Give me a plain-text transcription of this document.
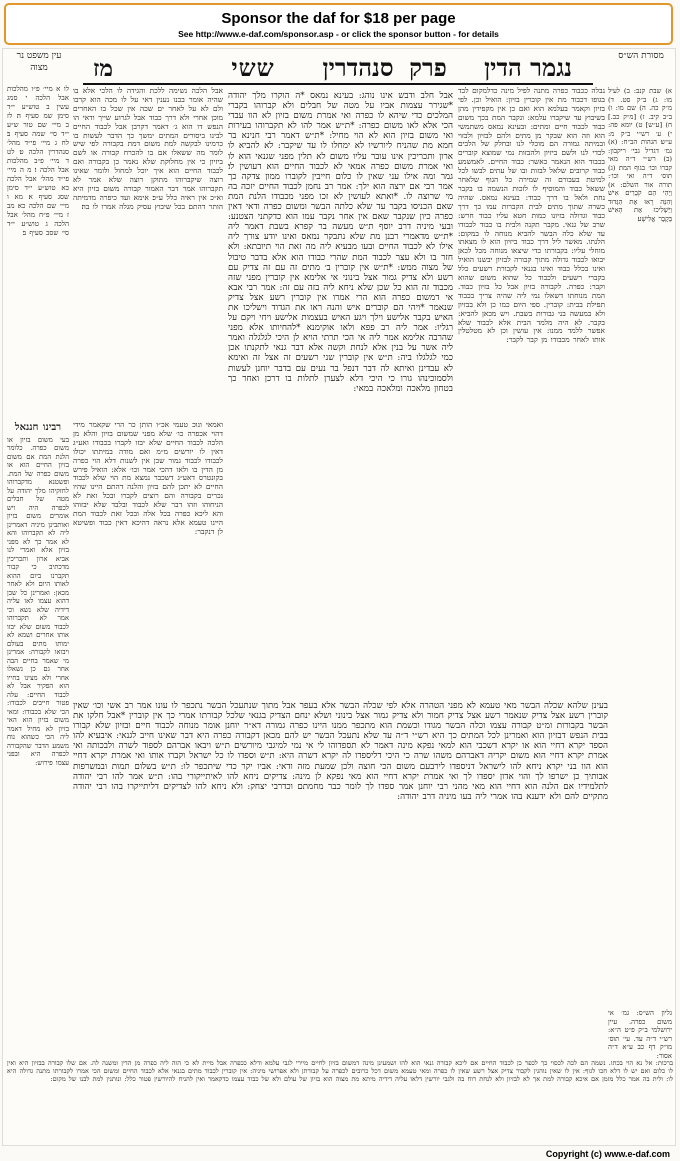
Sponsor the daf for $18 per page
See http://www.e-daf.com/sponsor.asp - or click the sponsor button - for details
עין משפט נר מצוה	מז	סנהדרין
ששי	פרק	נגמר הדין	מסורת הש״ס
א) שבת קנב: ב) לעיל מו: ג) ב״ק סט. ד) מ״ק כה. ה) שם מו: ו) ב״ב קיב. ז) [מ״ק כב.] ח) [ע״ש] ט) יומא פה: י) ע׳ רש״י ב״ק מ: ע״ש׃ הגהות הב״ח: (א) גמ׳ דגדיל גבי׳ ריקבון: (ב) רש״י ד״ה מאי קברו וכו׳ בגוף המת׃ (ג) תוס׳ ד״ה ואי וכו׳: תורה אור השלם: א) וַיְהִי הֵם קֹבְרִים אִישׁ וְהִנֵּה רָאוּ אֶת הַגְּדוּד וַיַּשְׁלִיכוּ אֶת הָאִישׁ בְּקֶבֶר אֱלִישָׁע׃
נבלה ככבוד כפרה מתנה לפיל מינה כדלמקום לבד בגופו דכבוד מת אין קוברין בזיון: הואיל וכן. לפי בזיון וקאמר בעלמא הוא ואם כן אין מקפידין מהן בשיבוץ עד שיקברו עלמא: ונקבר המת בכך משום כבוד לכבוד חיים ומתים: ובעינא נמאס משתמשי הוא וזה הוא שבקר מן מתים ולהם לבזיון ולבזוי ובמיתה גמורה הם מוכלי לנו ובחלק של הלבים לכדי לנו ולשם ביזיון ולהבזות נמי שמוצא קוברים בכבוד הוא הנאמר כאשר: כבוד החיים. לאמשמע כבוד קרובים שלאל לבזות ובו של עתים לבשו לכל למיטת בעבורם זה שמירה כל הגוף שלאחר ששאל כבוד והמוסיף לו לזכות הנשמה בו בקבר נחת ולאל בו דרך כבוד: בעינא נמאס. שהיה כשרה שתוך מתים לבית הקברות עמו כך דרך כבוד וגדולה בזיונו כמות חטא עליו כבוד חרש: שרב של גנאי. מקבר תקנה ולבית בו כבוד לכבודו עד שלא כלה הבשר להביא מנוחה לו במקום: הלנתו. מאשר ליל דרך כבוד ביזיון הוא לו מצאתו מוחלי עליו: בקבורתו כדי שיצאו מנוחה מכל לכאן יבואו לכבוד גדולה מתוך קבורה לבזיון יבשנו הואיל ואינו בכלל כבוד ואינו בגנאי לקבורת רשעים כלל בקברי רשעים ולכבוד כל שהוא משום שהוא וקבר: כפרה. לקבורה בזיון אבל כל בזיון כבוד. המת מנוחתו דשאלו נמי ליה שהיה צריך בכבוד תפילת בבית: קוברין. ספי היום כמו כן ולא בבזיון ולא במעשה בני גבורות בשבת. ויש מכאן להביא: בקבר. לא היה מלמד הבית אלא לכבוד שלא אפשר ללמד ממנו: אין עושין וכן לא מטלטלין אותו לאחר מכבודו מן קבר לקבר:
אבל חלב ודבש אינו נוהג: בעינא נמאס *ה הוקרו מלך יהודה *שגירר עצמות אביו על מטה של חבלים ולא קברוהו בקברי המלכים כדי שיהא לו כפרה ואי אמרת משום בזיון לא הוו עבדי הכי אלא לאו משום כפרה: *ת״ש אמר להו לא תקברוהו בעירות ואי משום בזיון הוא לא הוי מחיל: *ת״ש דאמר רבי חנינא בר חמא מת שהניח ליורשיו לא ימחלו לו עד שיקבר: לא להביא לו ארון ותכריכין אינו עובר עליו משום לא תלין מפני שגנאי הוא לו ואי אמרת משום כפרה אמאי לא לכבוד החיים הוא דעושין לו׃ גמר ומה אילו עני שאין לו כלום חייבין לקוברו ממון צדקה כך אמר רבי אם ירצה הוא ילך: אמר רב נחמן לכבוד החיים יזכה בה מי שרוצה לו. *ואתא לעושין לא זכו מפני מכבודו הלנת המת שאם הכניסו בקבר עד שלא כלתה הבשר ומשום כפרה ודאי דאין כפרה כיון שנקבר שאם אין אחר נקבר עמו הוא כדקתני הצטנע: ובעי מיניה דרב יוסף ת״ש מעשה בר קפרא בשבת דאמר ליה *ת״ש מדאמרי רבנן מת שלא נתבקר נמאס ואינו יודע צורך ליה אילו לא לכבוד החיים ובעו מבעיא ליה מה זאת הוי תיובתא: ולא חזר בו ולא עצר לכבוד המת שהרי כבודו הוא אלא בדבר טיבול של מצוה ממש: *ת״ש אין קוברין ב׳ מתים זה עם זה צדיק עם רשע ולא צדיק גמור אצל בינוני אי אלימא אין קוברין מפני שזה מכבוד זה הוא כל שכן שלא ניחא ליה בזה עם זה: אמר רבי אבא אי דמשום כפרה הוא הרי אמרו אין קוברין רשע אצל צדיק שנאמר *ויהי הם קוברים איש והנה ראו את הגדוד וישליכו את האיש בקבר אלישע וילך ויגע האיש בעצמות אלישע ויחי ויקם על רגליו: אמר ליה רב פפא ולאו אוקימנא *להחיותו אלא מפני שהרבה אלימא אמר ליה אי הכי תרתי הויא לן היכי לגלגלה ואמר ליה אשר על בנין אלא לנחת וקשה אלא דבר גנאי לתקנתו אכן כמי לגלגלו ביה: ת״ש אין קוברין שני רשעים זה אצל זה ואימא לא עבדינן ואיתא לה דבר דנפל בר נעים עם בדבר יוחנן לעשות ולסמוכינהו גורו כי היכי דלא לצערן לתלות בו דרכן ואחר כך בטחון מלאכה ומלאכה במאי:
אבל הלכה נשימה ללכת והגידה לו הלכי אלא בו שהיה אומר בבנו נענין דאי על לו מכה הוא קרבו ולם לא על לאחר ים שכה אין שכל בו האחרים מוכן אחרי ולא דרך כבוד אבל לגרוע שייך ודאי הו הנפש דו הוא ג׳ דאמר דקרבן אבל לכבוד החיים לבינו ביסורים המתים ימשך כך הדבר לעשות בו כרמינו לבקשה למת משום דמת בקבורה לפי שיש לומר מה ששאלו אם בו להכרח קבורה או לשם ביזיון כי אין מחלוקת שלא נאמר כן בקבורה ואם לכבוד החיים הוא איך יוכל למחול ולומר שאינו רוצה שיקברוהו מתוקן רוצה שלא אמר לא תקברוהו אמר דבר האמור קבורה משום בזיון היא וא״כ אין ראיה כלל ע״כ׃ אימא ועד כיפרה מדמיתה הותר דהתם בכל שיבוץ עסיק מגלה אמרו לו בה׃
לו א מיי׳ פ״ו מהלכות אבל הלכה י סמג עשין ב טוש״ע י״ד סימן שמ סעיף ה׃ לז ב מיי׳ שם טור ש״ע י״ד סי׳ שמה סעיף ב׃ לח ג מיי׳ פי״ד מהל׳ סנהדרין הלכה ט׃ לט ד מיי׳ פ״ב מהלכות אבל הלכה ו׃ מ ה מיי׳ פי״ד מהל׳ אבל הלכה כא טוש״ע י״ד סימן שסג סעיף א׃ מא ו מיי׳ שם הלכה כא׃ מב ז מיי׳ פ״ח מהל׳ אבל הלכה ג טוש״ע י״ד סי׳ שסב סעיף ב׃
רבינו חננאל
בעי משום בזיון או משום כפרה. כלומר הלנת המת אם משום בזיון החיים הוא או משום כפרה של המת. ופשטנא מדקברוהו לחזקיהו מלך יהודה על מטה של חבלים לכפרה היה ויש אומרים משום בזיון ואותבינן מיניה דאמרינן ליה לא תקברוהו והא לא אמר כך לא מפני בזיון אלא ואמרי לנו אביא ארון ותכריכין מדכתיב כי קבור תקברנו ביום ההוא לאותו היום ולא לאחר מכאן: ואמרינן כל שכן דהוא עצמו לאו עליה דידיה שלא נשא וכי אמר לא תקברוהו לכבוד משום שלא יבזו אותו אחרים ושמא לא ימותו מתים בעולם ויבואו לקבורה: אמרינן מי שאמר בחיים הבה אחר גם כן נשאלו אחרי ולא מצינו בחייו הוא הפקיר אבל לא לכבוד החיים: עלה פטור חייבים לכבודו: הכי שלא בכבודו: ומאי משום בזיון הוא האי בזיון לא מחיל דאמר ליה הכי כשהוא נוח משמע הדבר שהקבורה לכפרה היא ובפני עצמו פירוש:
ואמאי ונוכ טעמי אכ״ו הותן כר הרי שקאמר מידי דהוי אכפרה כו׳ שלא מפני שמשום בזיון והלא מן הלכה לכבוד החיים שלא יבזו לקברו בכבודו ואע״ג דאין לו יורשים מ״מ ואם מודה במיתתו יכולו לכבודו לכבוד גמור שכן אין לשנות דלא הוי כפרה מן הדין בו ולאו דהכי אמר וכו׳ אלא: הואיל פירש בקונטרס דאע״ג דשכבר נמצא מת הוי שלא לכבוד החיים לא יתכן להם בזיון והלנה דהתם היינו שהיו נכרים בקבורה והם רוצים לקברו ובכל זאת לא הניחוהו וזהו דבר שלא לכבוד ובלבד שלא יבזוהו והא ליכא כפרה בכל אלה ובכל זאת לכבוד המת היינו טעמא אלא נראה דהיכא דאין כבוד ופשיטא לן דנקבר:
בעינן שלהא שכלה הבשר מאי טעמא לא מפני הטהרה אלא לפי שכלה הבשר אלא בעפר אבל מתוך שנתעכל הבשר נתכפר לו עונו אמר רב אשי וכו׳ שאין קוברין רשע אצל צדיק שנאמר רשע אצל צדיק חמור ולא צדיק גמור אצל בינוני ושלא ינחם הצדיק בגנאי שלכל קבורתו אמרי כך אין קוברין *אבל חלקו את הבשר בקבורות ומ״ט קבורה עצמו וכלה הבשר מגודו וכשמת הוא מתכפר ממנו היינו כפרה גמורה דא״ר יוחנן אומר מנוחה לכבוד חיים ובזיון שלא קבורו בבית הנפש דבזיון הוא ואמרינן לכל המתים כך היא רש״י ד״ה עד שלא נתעכל הבשר יש להם מכאן דקבורה כפרה היא דבר שאינו חייב לגנאי: איבעיא להו הספד יקרא דחיי הוא או יקרא דשכבי הוא למאי נפקא מינה דאמר לא תספדוהו לי אי נמי למיגבי מיורשים ת״ש ויבאו אברהם לספוד לשרה ולבכותה ואי אמרת יקרא דחיי הוא משום יקריה דאברהם משהו שרה כי היכי דליספדו לה יקרא דשרה היא: ת״ש וספדו לו כל ישראל וקברו אותו ואי אמרת יקרא דחיי הוא הוו בני יקרא ניחא להו לישראל דניספדו לירבעם משום הכי חוצה ולכן שמעת מזה ודאי: אביו יקר כדי שיתכפר לו: ת״ש בשלום תמות ובמשרפות אבותיך כן ישרפו לך והוי אדון יספדו לך ואי אמרת יקרא דחיי הוא מאי נפקא לן מינה: צדיקים ניחא להו לאיתייקורי בהו: ת״ש אמר להו רבי יהודה לתלמידיו אם הלנה הוא דחיי הוא מאי מהני רבי יוחנן אמר ספדו לך לומר כבר מחמתם וכדרבי יצחק: ולא ניחא להו לצדיקים דליתייקרו בהו רבי יהודה מתקיים להם ולא ידענא בהו אמרי ליה בעו מיניה דרב יהודה:
גליון הש״ס: גמ׳ אי משום כפרה. עיין ירושלמי ב״ק פ״ט ה״א: רש״י ד״ה עד. עי׳ תוס׳ מו״ק דף כב ע״א ד״ה אסור:
ברכות: אל נא הוי בכתו. נשמה הם לכה לכסוי כך לכפר כן לכבוד החיים אם ליכא קבורה גנאי הוא להו ושמעינן מינה דמשום בזיון לחיים מיירי לגבי עלמא ודלא ככפרה אבל מיית לא כי הוה ליה כפרה מן הדין ומשנה לה. אם שלו קבורה בבזיון היא ואין לו כלום ואם יש לו דלא חכו לגוף: אין לו שאין נוהגין לקבור צדיק אצל רשע שאין לו כפרה ומאי טעמא משום דכל כרובים לכפרה על קבורתן ולא אפרושי מיניה: אין קוברין לכבוד מתים בגנאי אלא לכבוד החיים ומשום הכי אמרו לקבורתו מתנה גדולה היא לו: ולית בה אמר כלל מזמן אם איכא קבורה למת אך לא לבזיון ולא לנחת רוח בה ולגבי יורשין דלאו עליה דידיה מיתא מת מצוה הוא בזיון של עולם ולא של כבוד עצמו כדקאמר ואין להניח להיורשין פטור כלל: ונותנין למת לבנו של מקום:
Copyright (c) www.e-daf.com
